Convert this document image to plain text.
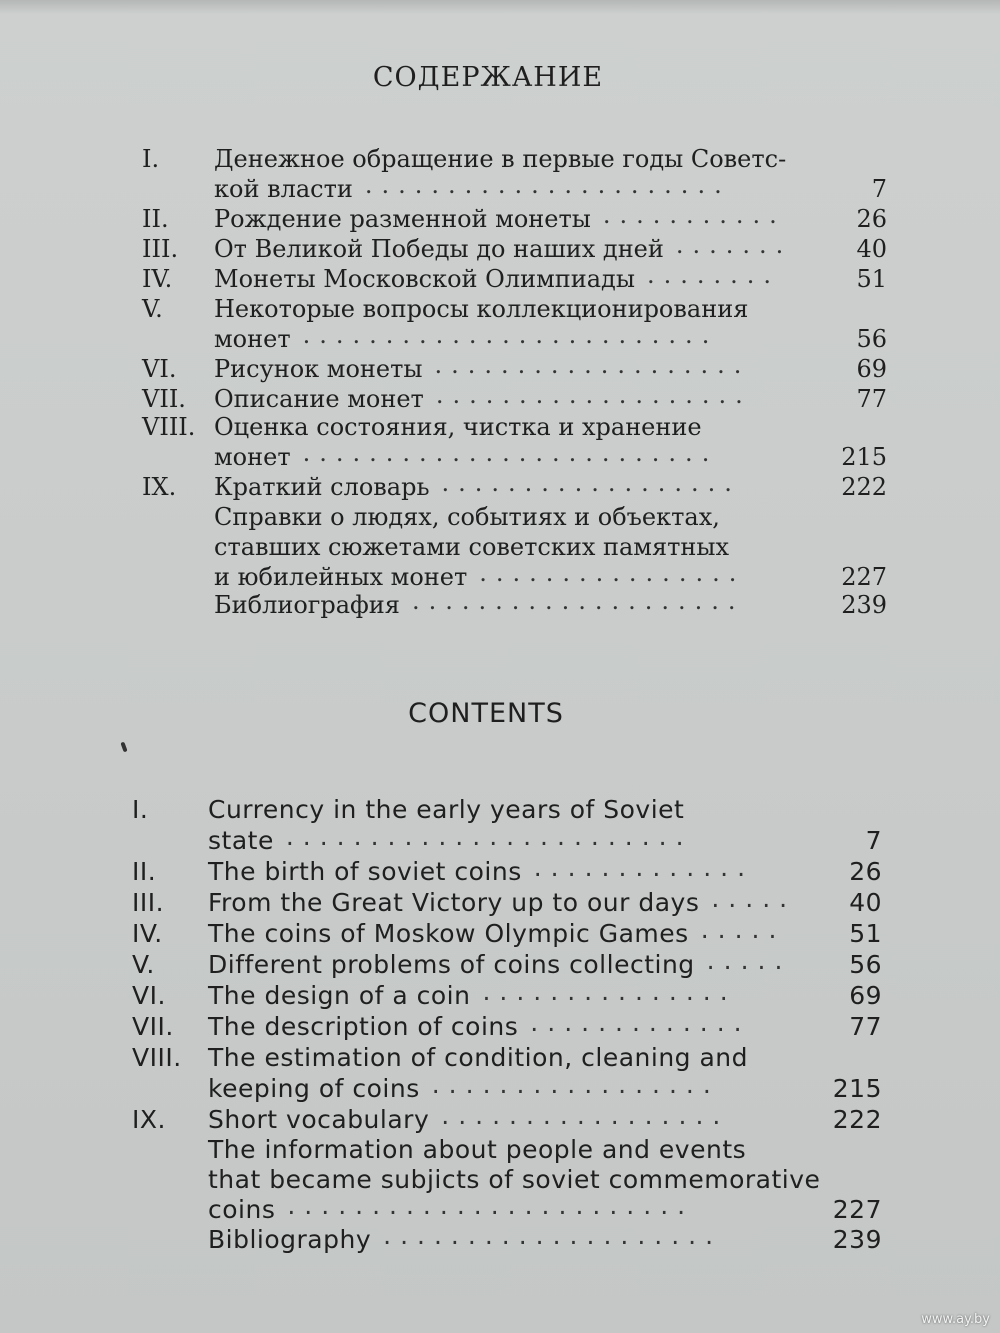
СОДЕРЖАНИЕ
I. Денежное обращение в первые годы Советс-
кой власти ......................	7
II. Рождение разменной монеты ...........	26
III. От Великой Победы до наших дней .......	40
IV. Монеты Московской Олимпиады ........	51
V. Некоторые вопросы коллекционирования
монет .........................	56
VI. Рисунок монеты ...................	69
VII. Описание монет ...................	77
VIII. Оценка состояния, чистка и хранение
монет .........................	215
IX. Краткий словарь ..................	222
Справки о людях, событиях и объектах,
ставших сюжетами советских памятных
и юбилейных монет ................	227
Библиография ....................	239
CONTENTS
I. Currency in the early years of Soviet
state ........................	7
II. The birth of soviet coins .............	26
III. From the Great Victory up to our days ..... 40
IV. The coins of Moskow Olympic Games .....	51
V. Different problems of coins collecting ..... 56
VI. The design of a coin ...............	69
VII. The description of coins .............	77
VIII. The estimation of condition, cleaning and
keeping of coins .................	215
IX. Short vocabulary .................	222
The information about people and events
that became subjicts of soviet commemorative
coins ........................	227
Bibliography ....................	239
www.ay.by
